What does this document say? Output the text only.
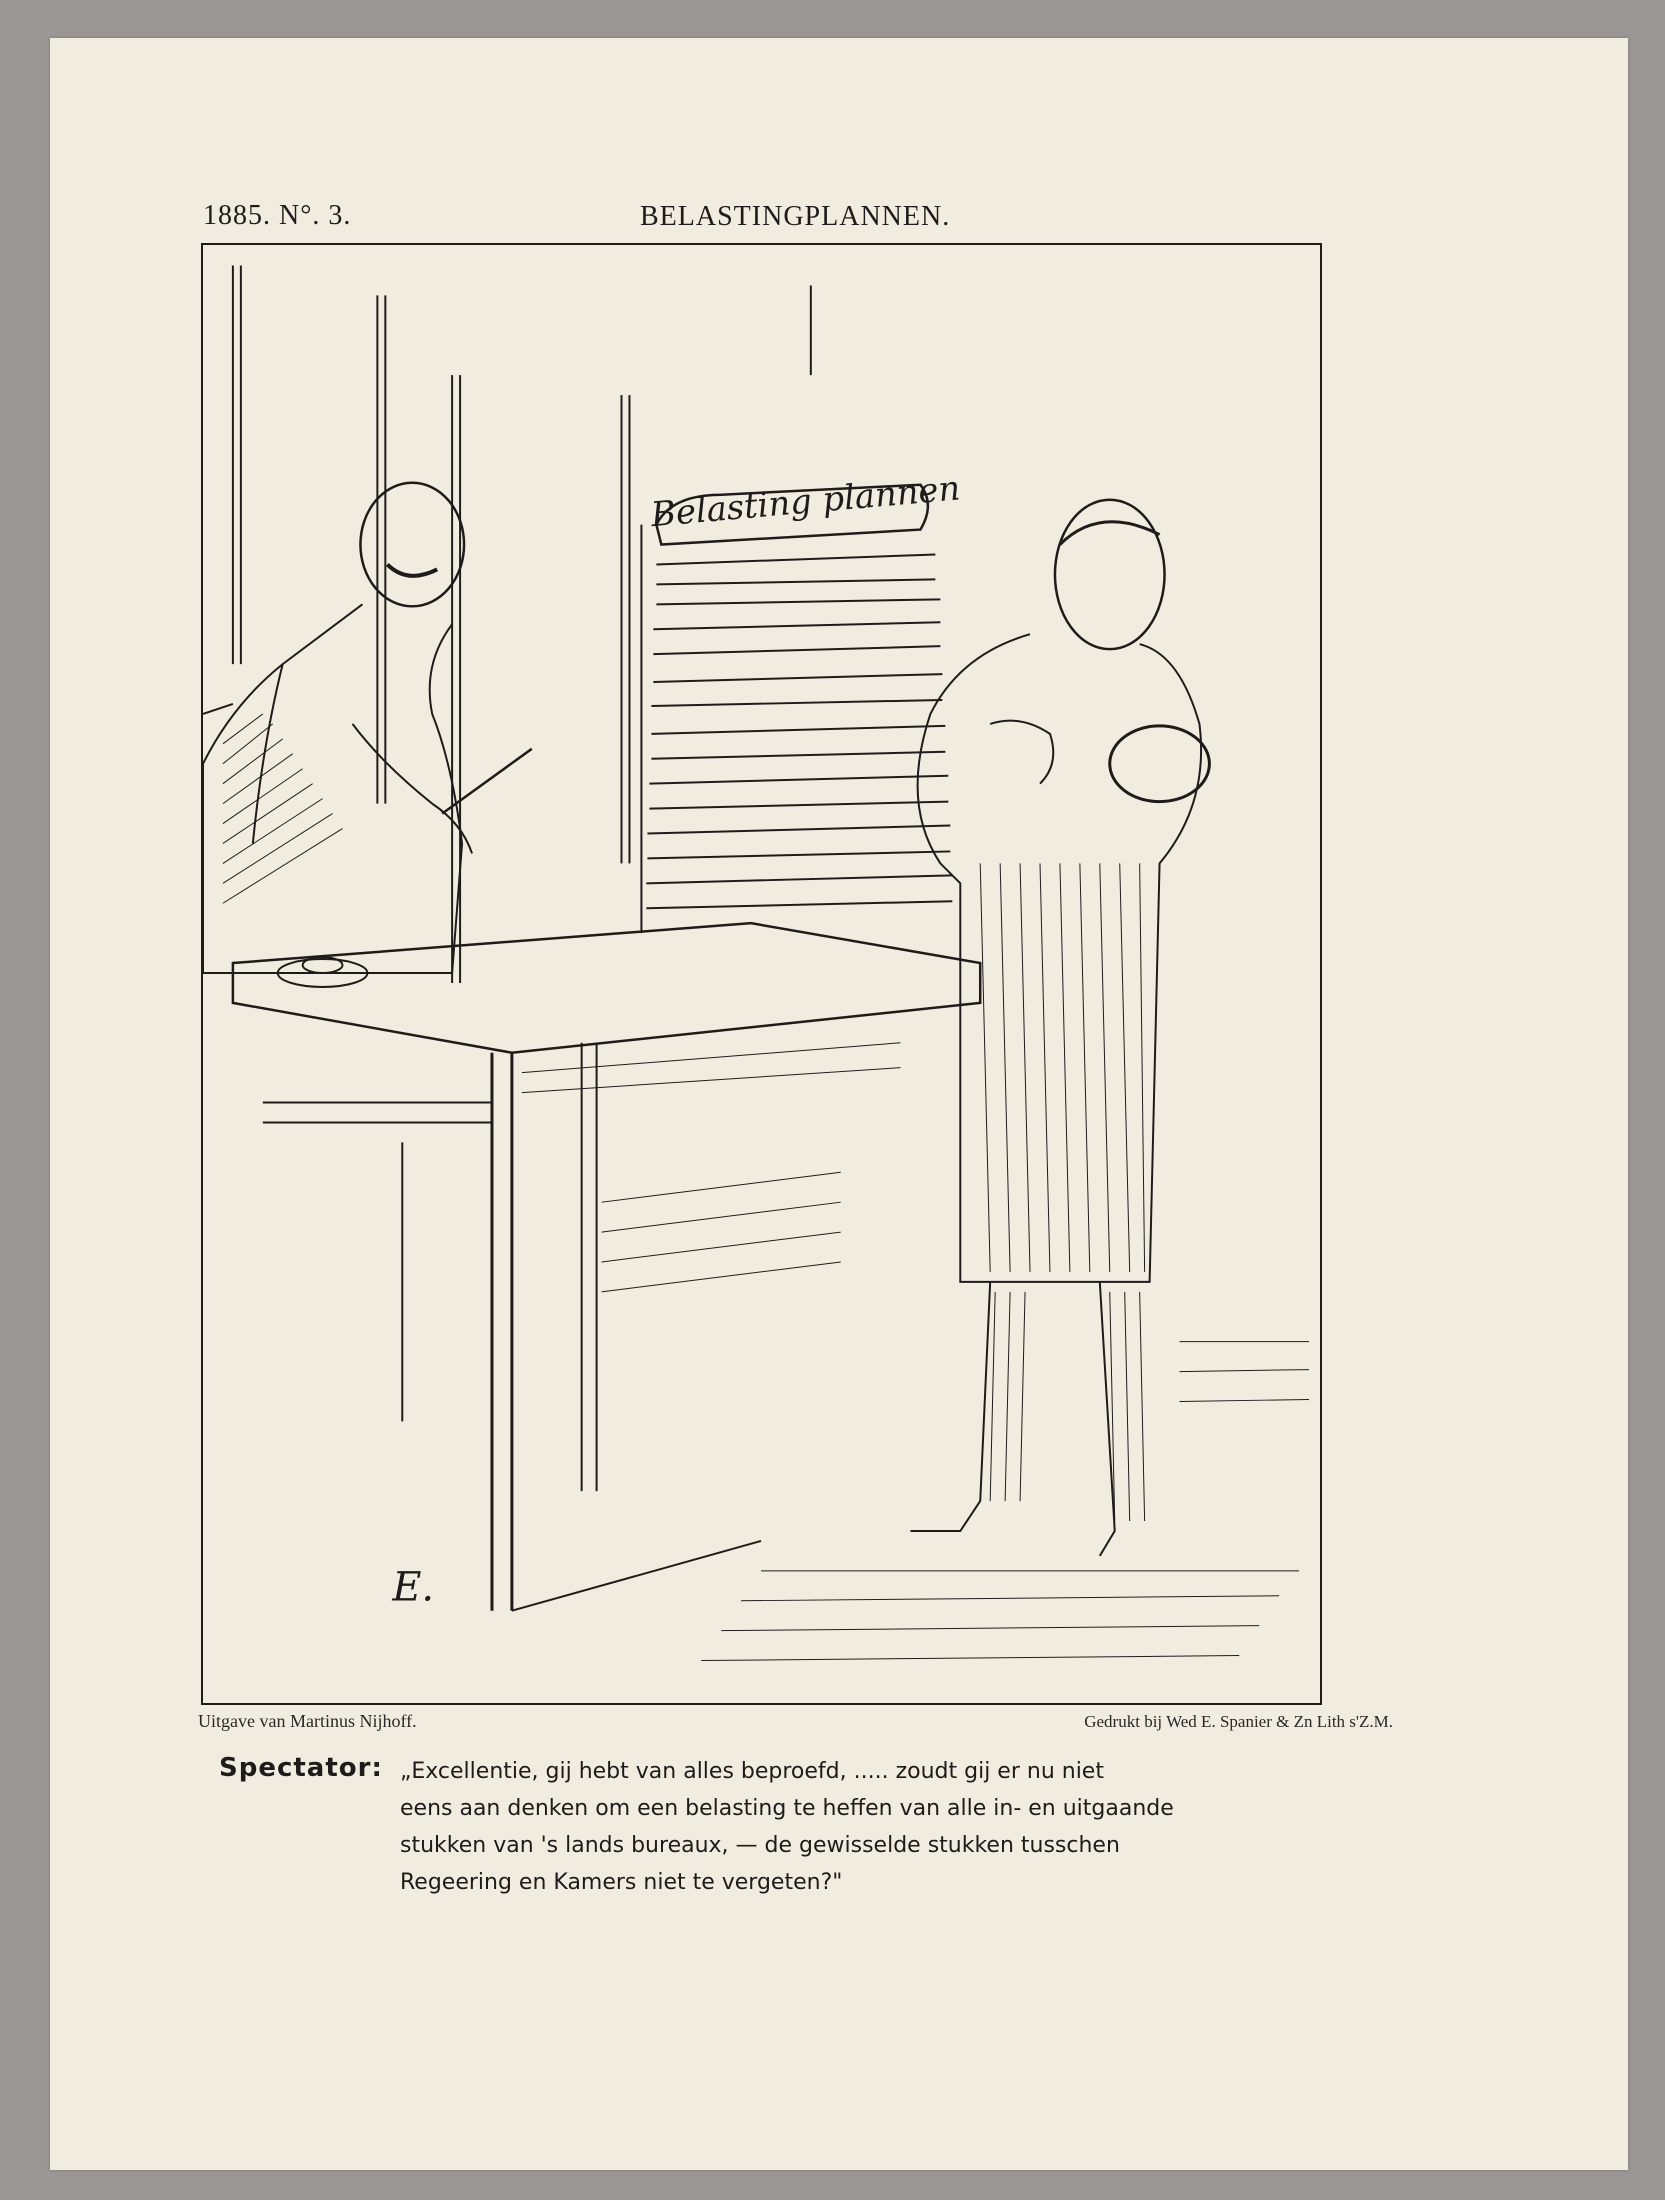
1885. N°. 3.	BELASTINGPLANNEN.
Belasting plannen
E.
Uitgave van Martinus Nijhoff.	Gedrukt bij Wed E. Spanier & Zn Lith s'Z.M.
Spectator: „Excellentie, gij hebt van alles beproefd, ..... zoudt gij er nu niet
eens aan denken om een belasting te heffen van alle in- en uitgaande
stukken van 's lands bureaux, — de gewisselde stukken tusschen
Regeering en Kamers niet te vergeten?"
